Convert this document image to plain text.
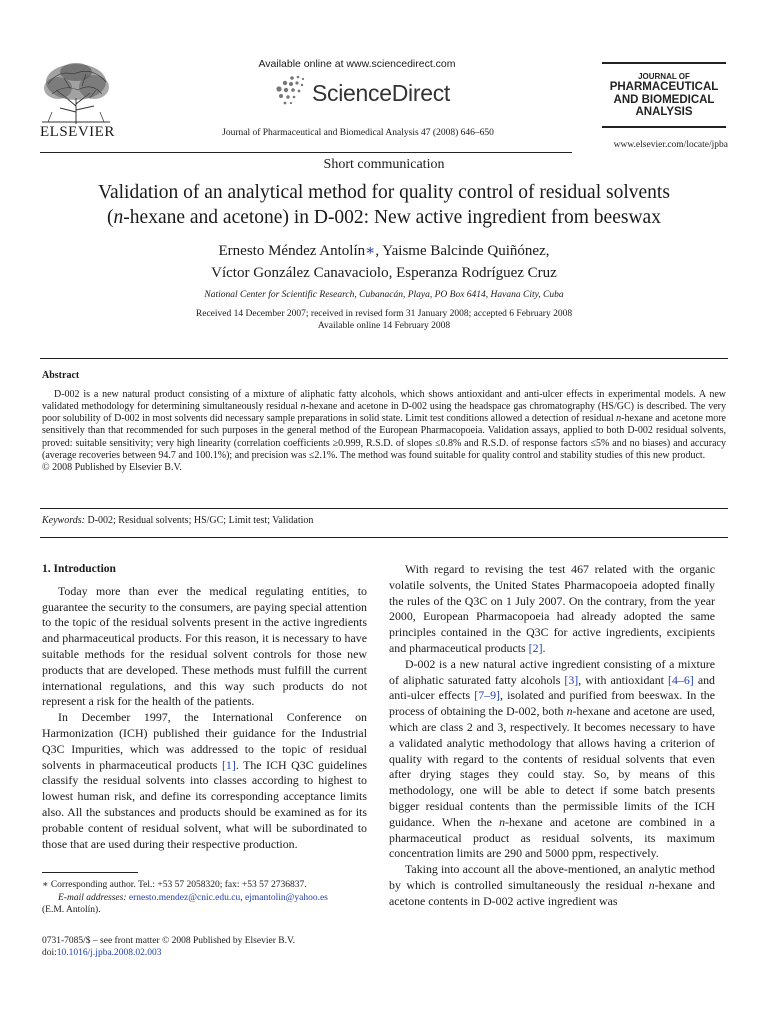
ELSEVIER
Available online at www.sciencedirect.com
ScienceDirect
Journal of Pharmaceutical and Biomedical Analysis 47 (2008) 646–650
JOURNAL OF
PHARMACEUTICAL
AND BIOMEDICAL
ANALYSIS
www.elsevier.com/locate/jpba
Short communication
Validation of an analytical method for quality control of residual solvents
(n-hexane and acetone) in D-002: New active ingredient from beeswax
Ernesto Méndez Antolín∗, Yaisme Balcinde Quiñónez,
Víctor González Canavaciolo, Esperanza Rodríguez Cruz
National Center for Scientific Research, Cubanacán, Playa, PO Box 6414, Havana City, Cuba
Received 14 December 2007; received in revised form 31 January 2008; accepted 6 February 2008
Available online 14 February 2008
Abstract
D-002 is a new natural product consisting of a mixture of aliphatic fatty alcohols, which shows antioxidant and anti-ulcer effects in experimental models. A new validated methodology for determining simultaneously residual n-hexane and acetone in D-002 using the headspace gas chromatography (HS/GC) is described. The very poor solubility of D-002 in most solvents did necessary sample preparations in solid state. Limit test conditions allowed a detection of residual n-hexane and acetone more sensitively than that recommended for such purposes in the general method of the European Pharmacopoeia. Validation assays, applied to both D-002 residual solvents, proved: suitable sensitivity; very high linearity (correlation coefficients ≥0.999, R.S.D. of slopes ≤0.8% and R.S.D. of response factors ≤5% and no biases) and accuracy (average recoveries between 94.7 and 100.1%); and precision was ≤2.1%. The method was found suitable for quality control and stability studies of this new product.
© 2008 Published by Elsevier B.V.
Keywords: D-002; Residual solvents; HS/GC; Limit test; Validation
1. Introduction

Today more than ever the medical regulating entities, to guarantee the security to the consumers, are paying special attention to the topic of the residual solvents present in the active ingredients and pharmaceutical products. For this reason, it is necessary to have suitable methods for the residual solvent controls for those new products that are developed. These methods must fulfill the current international regulations, and this way such products do not represent a risk for the health of the patients.

In December 1997, the International Conference on Harmonization (ICH) published their guidance for the Industrial Q3C Impurities, which was addressed to the topic of residual solvents in pharmaceutical products [1]. The ICH Q3C guidelines classify the residual solvents into classes according to highest to lowest human risk, and define its corresponding acceptance limits also. All the substances and products should be examined as for its probable content of residual solvent, what will be subordinated to those that are used during their respective production.

With regard to revising the test 467 related with the organic volatile solvents, the United States Pharmacopoeia adopted finally the rules of the Q3C on 1 July 2007. On the contrary, from the year 2000, European Pharmacopoeia had already adopted the same principles contained in the Q3C for active ingredients, excipients and pharmaceutical products [2].

D-002 is a new natural active ingredient consisting of a mixture of aliphatic saturated fatty alcohols [3], with antioxidant [4–6] and anti-ulcer effects [7–9], isolated and purified from beeswax. In the process of obtaining the D-002, both n-hexane and acetone are used, which are class 2 and 3, respectively. It becomes necessary to have a validated analytic methodology that allows having a criterion of quality with regard to the contents of residual solvents that even after drying stages they could stay. So, by means of this methodology, one will be able to detect if some batch presents bigger residual contents than the permissible limits of the ICH guidance. When the n-hexane and acetone are combined in a pharmaceutical product as residual solvents, its maximum concentration limits are 290 and 5000 ppm, respectively.

Taking into account all the above-mentioned, an analytic method by which is controlled simultaneously the residual n-hexane and acetone contents in D-002 active ingredient was

∗ Corresponding author. Tel.: +53 57 2058320; fax: +53 57 2736837.
E-mail addresses: ernesto.mendez@cnic.edu.cu, ejmantolin@yahoo.es
(E.M. Antolín).
0731-7085/$ – see front matter © 2008 Published by Elsevier B.V.
doi:10.1016/j.jpba.2008.02.003
